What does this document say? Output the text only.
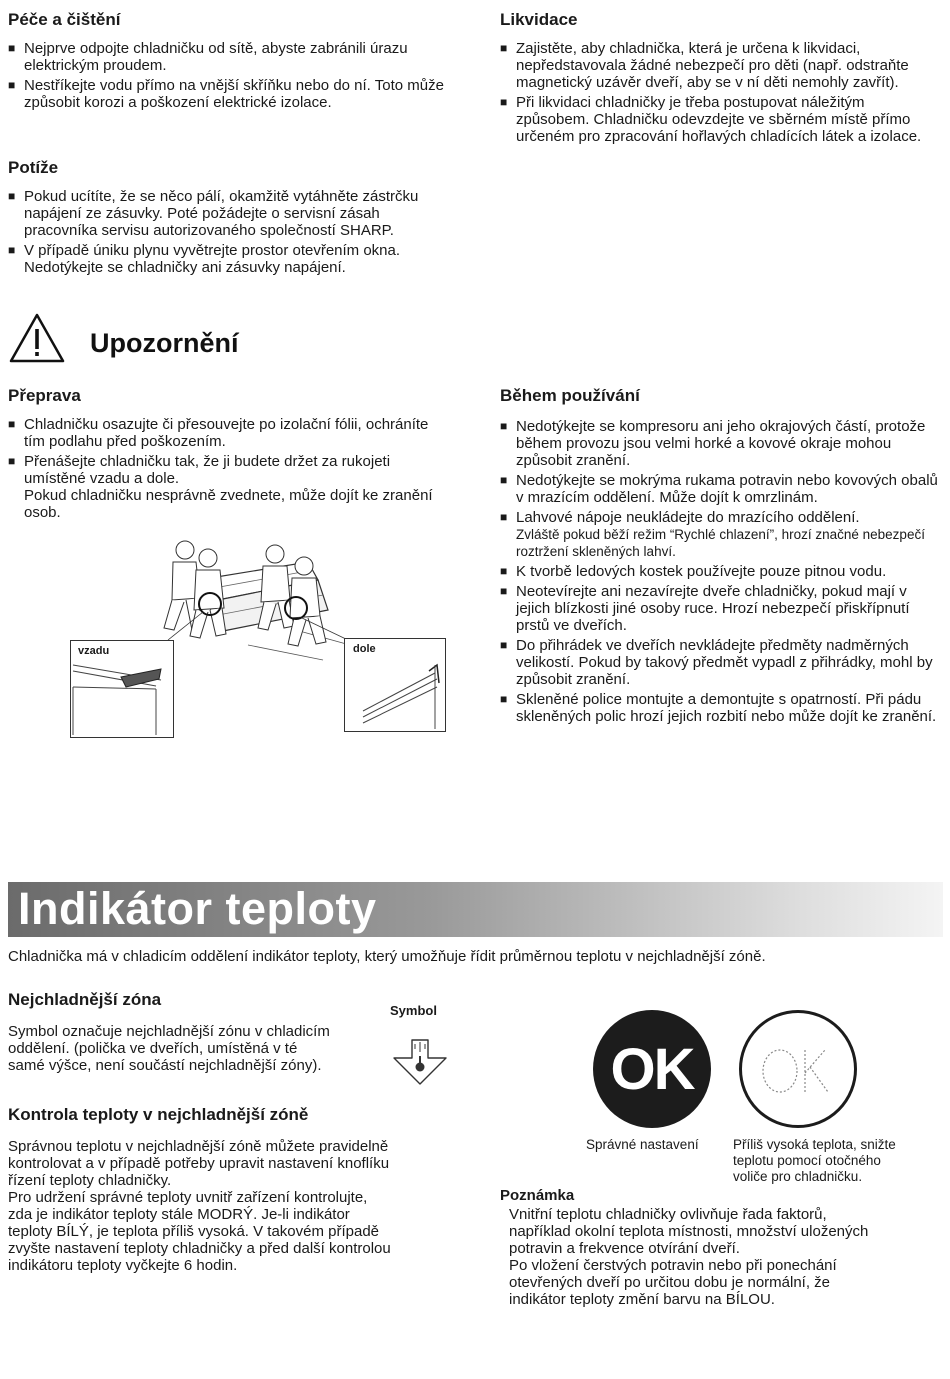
Péče a čištění
■ Nejprve odpojte chladničku od sítě, abyste zabránili úrazu elektrickým proudem.
■ Nestříkejte vodu přímo na vnější skříňku nebo do ní. Toto může způsobit korozi a poškození elektrické izolace.
Potíže
■ Pokud ucítíte, že se něco pálí, okamžitě vytáhněte zástrčku napájení ze zásuvky. Poté požádejte o servisní zásah pracovníka servisu autorizovaného společností SHARP.
■ V případě úniku plynu vyvětrejte prostor otevřením okna. Nedotýkejte se chladničky ani zásuvky napájení.
Likvidace
■ Zajistěte, aby chladnička, která je určena k likvidaci, nepředstavovala žádné nebezpečí pro děti (např. odstraňte magnetický uzávěr dveří, aby se v ní děti nemohly zavřít).
■ Při likvidaci chladničky je třeba postupovat náležitým způsobem. Chladničku odevzdejte ve sběrném místě přímo určeném pro zpracování hořlavých chladících látek a izolace.
Upozornění
Přeprava
■ Chladničku osazujte či přesouvejte po izolační fólii, ochráníte tím podlahu před poškozením.
■ Přenášejte chladničku tak, že ji budete držet za rukojeti umístěné vzadu a dole.
Pokud chladničku nesprávně zvednete, může dojít ke zranění osob.
vzadu	dole
Během používání
■ Nedotýkejte se kompresoru ani jeho okrajových částí, protože během provozu jsou velmi horké a kovové okraje mohou způsobit zranění.
■ Nedotýkejte se mokrýma rukama potravin nebo kovových obalů v mrazícím oddělení. Může dojít k omrzlinám.
■ Lahvové nápoje neukládejte do mrazícího oddělení.
Zvláště pokud běží režim “Rychlé chlazení”, hrozí značné nebezpečí roztržení skleněných lahví.
■ K tvorbě ledových kostek používejte pouze pitnou vodu.
■ Neotevírejte ani nezavírejte dveře chladničky, pokud mají v jejich blízkosti jiné osoby ruce. Hrozí nebezpečí přiskřípnutí prstů ve dveřích.
■ Do přihrádek ve dveřích nevkládejte předměty nadměrných velikostí. Pokud by takový předmět vypadl z přihrádky, mohl by způsobit zranění.
■ Skleněné police montujte a demontujte s opatrností. Při pádu skleněných polic hrozí jejich rozbití nebo může dojít ke zranění.
Indikátor teploty

Chladnička má v chladicím oddělení indikátor teploty, který umožňuje řídit průměrnou teplotu v nejchladnější zóně.

Nejchladnější zóna

Symbol označuje nejchladnější zónu v chladicím
oddělení. (polička ve dveřích, umístěná v té
samé výšce, není součástí nejchladnější zóny).

Symbol
Kontrola teploty v nejchladnější zóně

Správnou teplotu v nejchladnější zóně můžete pravidelně
kontrolovat a v případě potřeby upravit nastavení knoflíku
řízení teploty chladničky.
Pro udržení správné teploty uvnitř zařízení kontrolujte,
zda je indikátor teploty stále MODRÝ. Je-li indikátor
teploty BÍLÝ, je teplota příliš vysoká. V takovém případě
zvyšte nastavení teploty chladničky a před další kontrolou
indikátoru teploty vyčkejte 6 hodin.

OK
Správné nastavení	Příliš vysoká teplota, snižte
teplotu pomocí otočného
voliče pro chladničku.
Poznámka

Vnitřní teplotu chladničky ovlivňuje řada faktorů,
například okolní teplota místnosti, množství uložených
potravin a frekvence otvírání dveří.
Po vložení čerstvých potravin nebo při ponechání
otevřených dveří po určitou dobu je normální, že
indikátor teploty změní barvu na BÍLOU.
